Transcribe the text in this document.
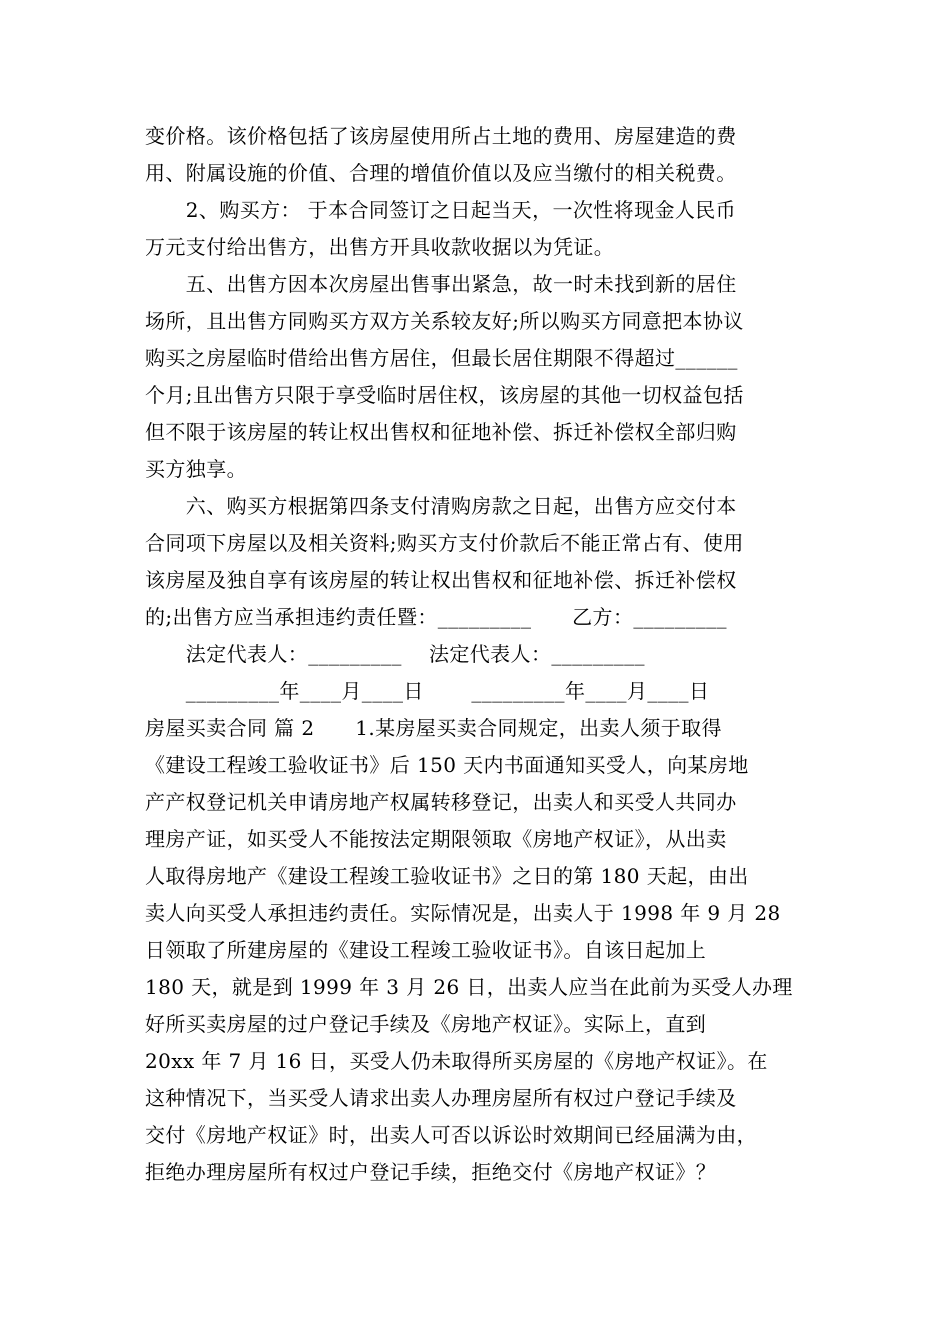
变价格。该价格包括了该房屋使用所占土地的费用、房屋建造的费
用、附属设施的价值、合理的增值价值以及应当缴付的相关税费。
　　2、购买方： 于本合同签订之日起当天，一次性将现金人民币
万元支付给出售方，出售方开具收款收据以为凭证。
　　五、出售方因本次房屋出售事出紧急，故一时未找到新的居住
场所，且出售方同购买方双方关系较友好;所以购买方同意把本协议
购买之房屋临时借给出售方居住，但最长居住期限不得超过______
个月;且出售方只限于享受临时居住权，该房屋的其他一切权益包括
但不限于该房屋的转让权出售权和征地补偿、拆迁补偿权全部归购
买方独享。
　　六、购买方根据第四条支付清购房款之日起，出售方应交付本
合同项下房屋以及相关资料;购买方支付价款后不能正常占有、使用
该房屋及独自享有该房屋的转让权出售权和征地补偿、拆迁补偿权
的;出售方应当承担违约责任暨：_________　　乙方：_________
　　法定代表人：_________　 法定代表人：_________
　　_________年____月____日　　 _________年____月____日
房屋买卖合同 篇 2　　1.某房屋买卖合同规定，出卖人须于取得
《建设工程竣工验收证书》后 150 天内书面通知买受人，向某房地
产产权登记机关申请房地产权属转移登记，出卖人和买受人共同办
理房产证，如买受人不能按法定期限领取《房地产权证》，从出卖
人取得房地产《建设工程竣工验收证书》之日的第 180 天起，由出
卖人向买受人承担违约责任。实际情况是，出卖人于 1998 年 9 月 28
日领取了所建房屋的《建设工程竣工验收证书》。自该日起加上
180 天，就是到 1999 年 3 月 26 日，出卖人应当在此前为买受人办理
好所买卖房屋的过户登记手续及《房地产权证》。实际上，直到
20xx 年 7 月 16 日，买受人仍未取得所买房屋的《房地产权证》。在
这种情况下，当买受人请求出卖人办理房屋所有权过户登记手续及
交付《房地产权证》时，出卖人可否以诉讼时效期间已经届满为由，
拒绝办理房屋所有权过户登记手续，拒绝交付《房地产权证》？
